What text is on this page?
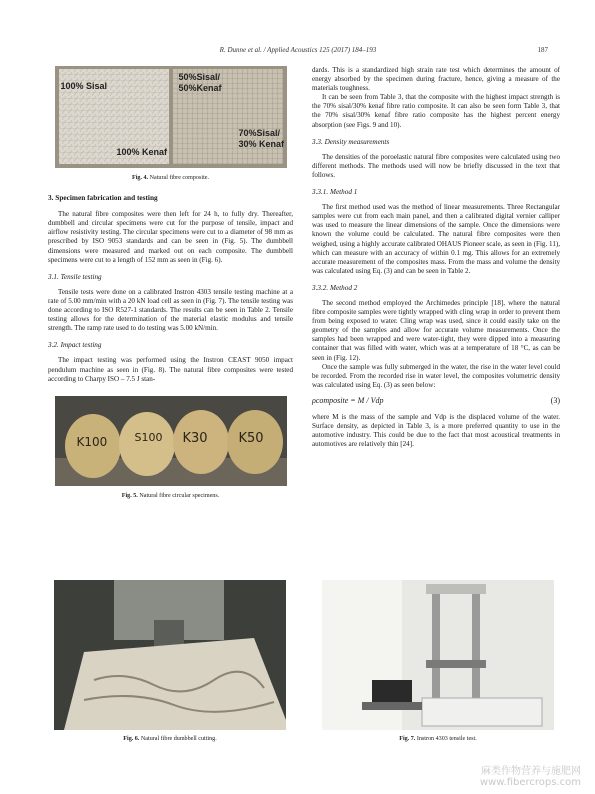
R. Dunne et al. / Applied Acoustics 125 (2017) 184–193	187
100% Sisal
50%Sisal/
50%Kenaf
100% Kenaf
70%Sisal/
30% Kenaf
Fig. 4. Natural fibre composite.
3. Specimen fabrication and testing

The natural fibre composites were then left for 24 h, to fully dry. Thereafter, dumbbell and circular specimens were cut for the purpose of tensile, impact and airflow resistivity testing. The circular specimens were cut to a diameter of 98 mm as prescribed by ISO 9053 standards and can be seen in (Fig. 5). The dumbbell dimensions were measured and marked out on each composite. The dumbbell specimens were cut to a length of 152 mm as seen in (Fig. 6).

3.1. Tensile testing

Tensile tests were done on a calibrated Instron 4303 tensile testing machine at a rate of 5.00 mm/min with a 20 kN load cell as seen in (Fig. 7). The tensile testing was done according to ISO R527-1 standards. The results can be seen in Table 2. Tensile testing allows for the determination of the material elastic modulus and tensile strength. The ramp rate used to do testing was 5.00 kN/min.

3.2. Impact testing

The impact testing was performed using the Instron CEAST 9050 impact pendulum machine as seen in (Fig. 8). The natural fibre composites were tested according to Charpy ISO – 7.5 J stan-

K100 S100 K30 K50
Fig. 5. Natural fibre circular specimens.

dards. This is a standardized high strain rate test which determines the amount of energy absorbed by the specimen during fracture, hence, giving a measure of the materials toughness.

It can be seen from Table 3, that the composite with the highest impact strength is the 70% sisal/30% kenaf fibre ratio composite. It can also be seen form Table 3, that the 70% sisal/30% kenaf fibre ratio composite has the highest percent energy absorption (see Figs. 9 and 10).

3.3. Density measurements

The densities of the poroelastic natural fibre composites were calculated using two different methods. The methods used will now be briefly discussed in the text that follows.

3.3.1. Method 1

The first method used was the method of linear measurements. Three Rectangular samples were cut from each main panel, and then a calibrated digital vernier calliper was used to measure the linear dimensions of the sample. Once the dimensions were known the volume could be calculated. The natural fibre composites were then weighed, using a highly accurate calibrated OHAUS Pioneer scale, as seen in (Fig. 11), which can measure with an accuracy of within 0.1 mg. This allows for an extremely accurate measurement of the composites mass. From the mass and volume the density was calculated using Eq. (3) and can be seen in Table 2.

3.3.2. Method 2

The second method employed the Archimedes principle [18], where the natural fibre composite samples were tightly wrapped with cling wrap in order to prevent them from being exposed to water. Cling wrap was used, since it could easily take on the geometry of the samples and allow for accurate volume measurements. Once the samples had been wrapped and were water-tight, they were dipped into a measuring container that was filled with water, which was at a temperature of 18 °C, as can be seen in (Fig. 12).

Once the sample was fully submerged in the water, the rise in the water level could be recorded. From the recorded rise in water level, the composites volumetric density was calculated using Eq. (3) as seen below:

ρcomposite = M / Vdp	(3)

where M is the mass of the sample and Vdp is the displaced volume of the water. Surface density, as depicted in Table 3, is a more preferred quantity to use in the automotive industry. This could be due to the fact that most acoustical treatments in automotives are relatively thin [24].

Fig. 6. Natural fibre dumbbell cutting.	Fig. 7. Instron 4303 tensile test.
麻类作物营养与施肥网
www.fibercrops.com
